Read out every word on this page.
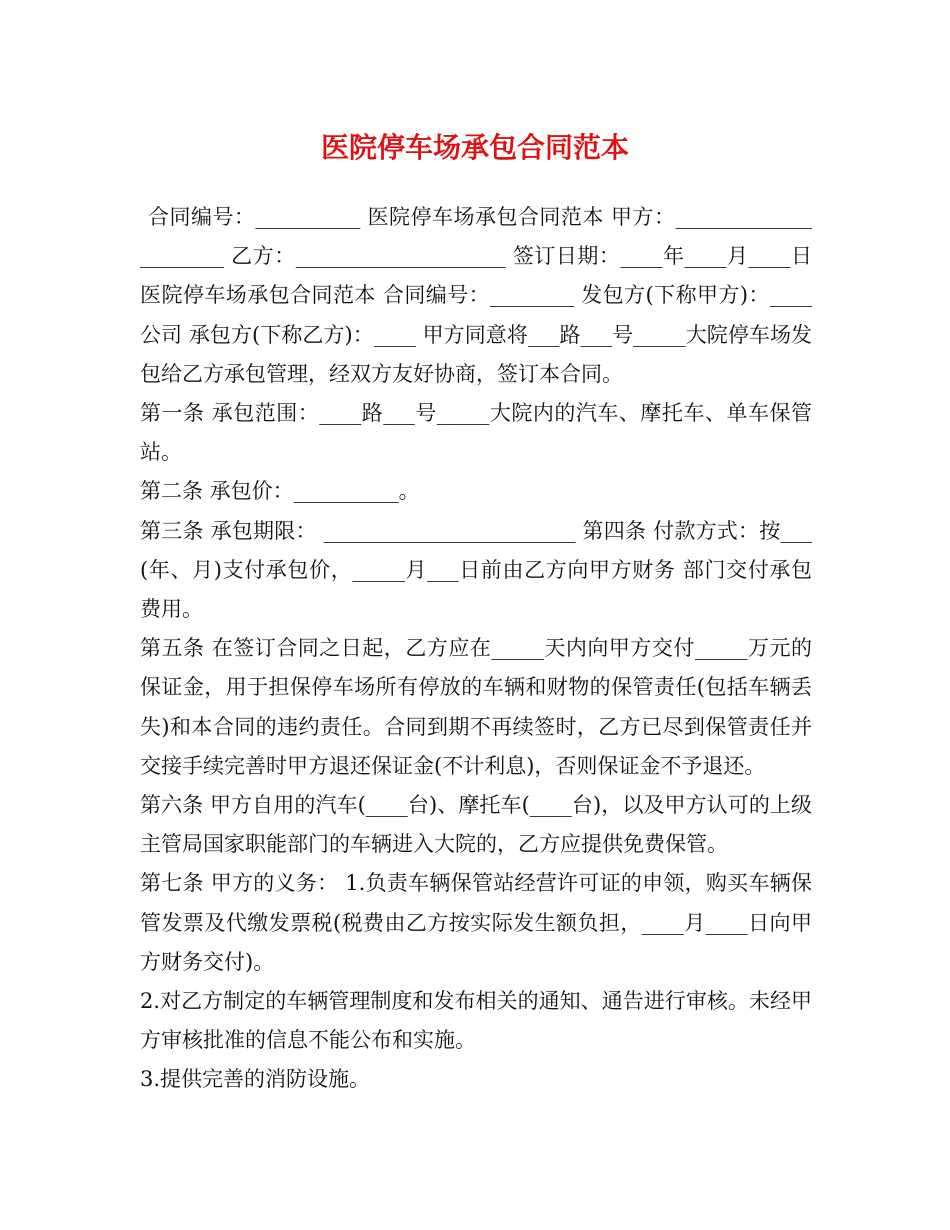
医院停车场承包合同范本

合同编号：__________ 医院停车场承包合同范本 甲方：_____________________ 乙方：____________________ 签订日期：____年____月____日 医院停车场承包合同范本 合同编号：________ 发包方(下称甲方)：____公司 承包方(下称乙方)：____ 甲方同意将___路___号_____大院停车场发包给乙方承包管理，经双方友好协商，签订本合同。

第一条 承包范围：____路___号_____大院内的汽车、摩托车、单车保管站。

第二条 承包价：__________。

第三条 承包期限： ________________________ 第四条 付款方式：按___(年、月)支付承包价，_____月___日前由乙方向甲方财务 部门交付承包费用。

第五条 在签订合同之日起，乙方应在_____天内向甲方交付_____万元的保证金，用于担保停车场所有停放的车辆和财物的保管责任(包括车辆丢失)和本合同的违约责任。合同到期不再续签时，乙方已尽到保管责任并交接手续完善时甲方退还保证金(不计利息)，否则保证金不予退还。

第六条 甲方自用的汽车(____台)、摩托车(____台)，以及甲方认可的上级主管局国家职能部门的车辆进入大院的，乙方应提供免费保管。

第七条 甲方的义务： 1.负责车辆保管站经营许可证的申领，购买车辆保管发票及代缴发票税(税费由乙方按实际发生额负担，____月____日向甲方财务交付)。

2.对乙方制定的车辆管理制度和发布相关的通知、通告进行审核。未经甲方审核批准的信息不能公布和实施。

3.提供完善的消防设施。
